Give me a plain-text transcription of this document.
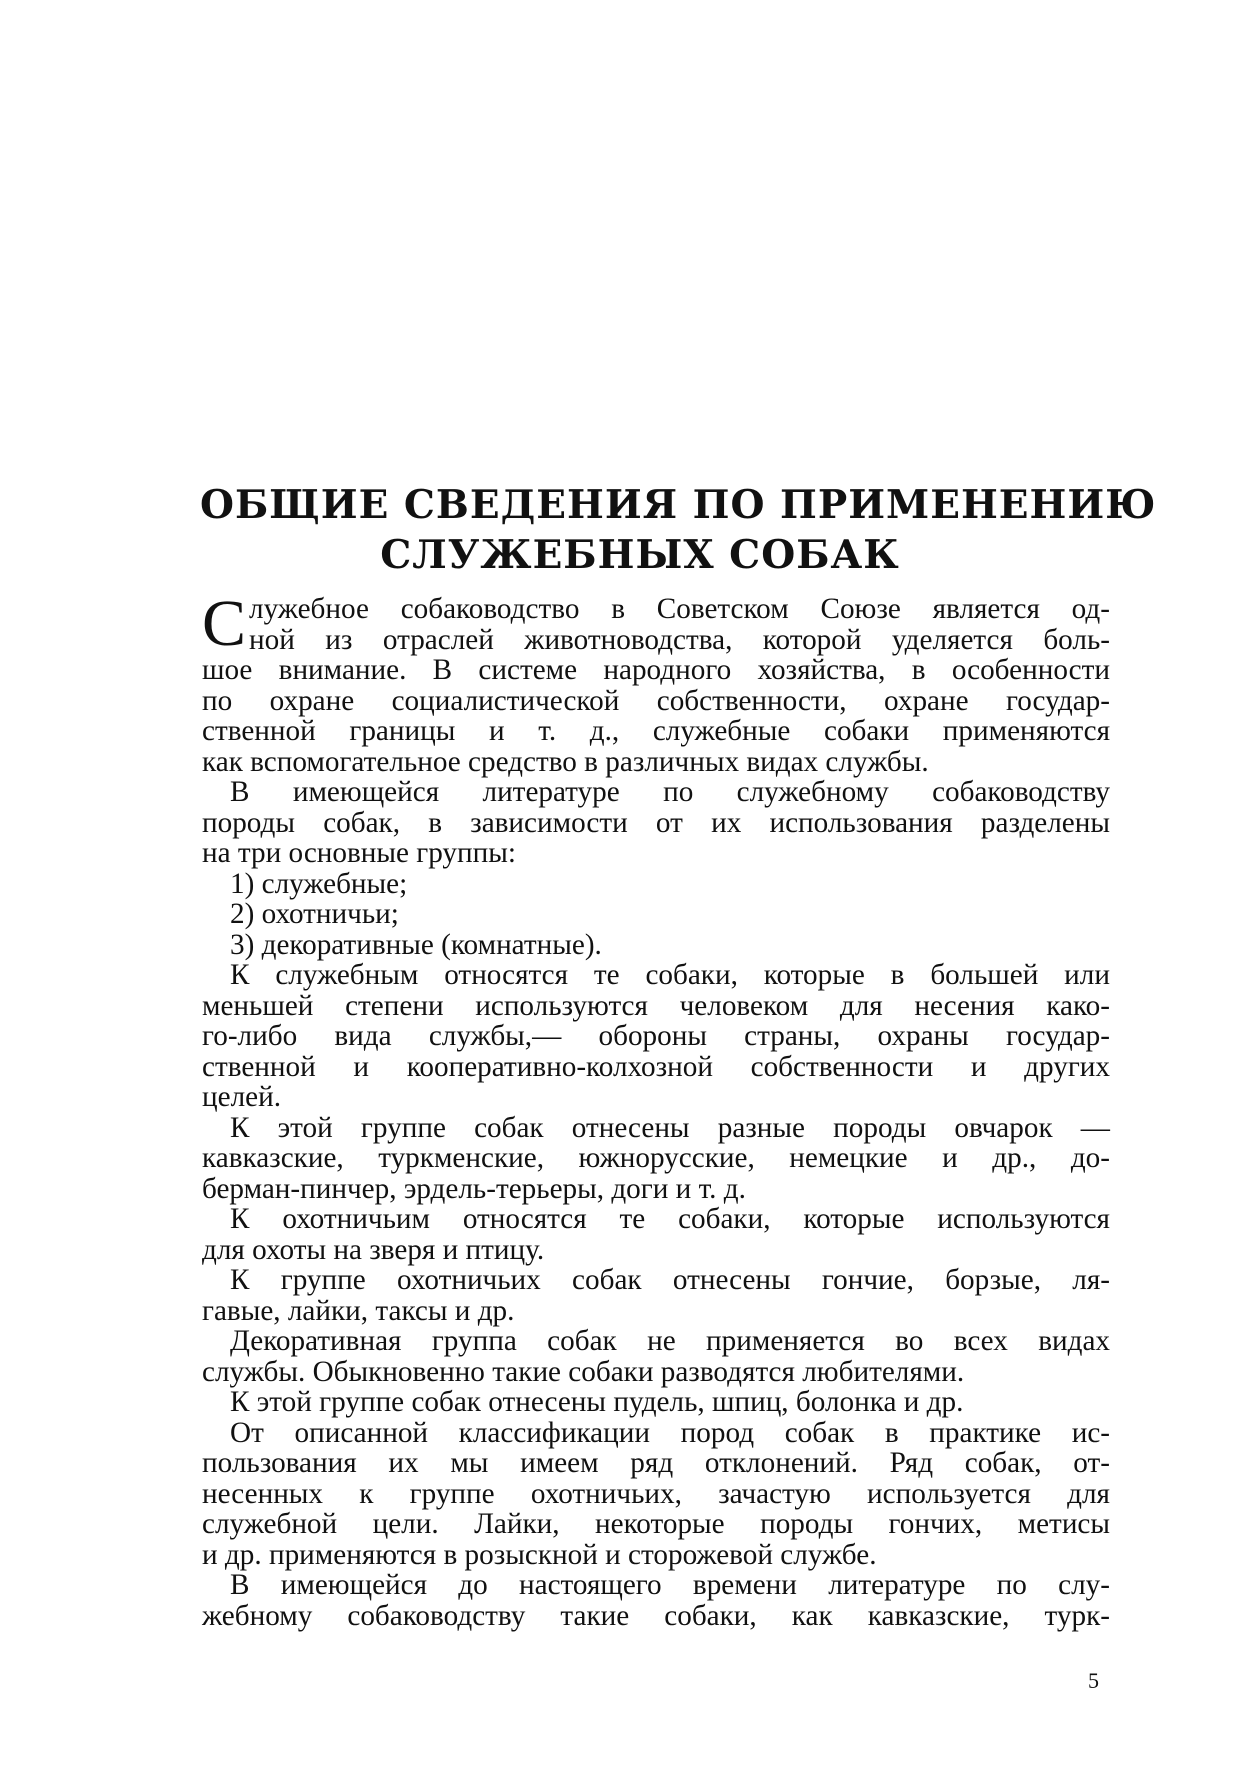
ОБЩИЕ СВЕДЕНИЯ ПО ПРИМЕНЕНИЮ
СЛУЖЕБНЫХ СОБАК
С лужебное собаководство в Советском Союзе является од-
ной из отраслей животноводства, которой уделяется боль-
шое внимание. В системе народного хозяйства, в особенности
по охране социалистической собственности, охране государ-
ственной границы и т. д., служебные собаки применяются
как вспомогательное средство в различных видах службы.
В имеющейся литературе по служебному собаководству
породы собак, в зависимости от их использования разделены
на три основные группы:
1) служебные;
2) охотничьи;
3) декоративные (комнатные).
К служебным относятся те собаки, которые в большей или
меньшей степени используются человеком для несения како-
го-либо вида службы,— обороны страны, охраны государ-
ственной и кооперативно-колхозной собственности и других
целей.
К этой группе собак отнесены разные породы овчарок —
кавказские, туркменские, южнорусские, немецкие и др., до-
берман-пинчер, эрдель-терьеры, доги и т. д.
К охотничьим относятся те собаки, которые используются
для охоты на зверя и птицу.
К группе охотничьих собак отнесены гончие, борзые, ля-
гавые, лайки, таксы и др.
Декоративная группа собак не применяется во всех видах
службы. Обыкновенно такие собаки разводятся любителями.
К этой группе собак отнесены пудель, шпиц, болонка и др.
От описанной классификации пород собак в практике ис-
пользования их мы имеем ряд отклонений. Ряд собак, от-
несенных к группе охотничьих, зачастую используется для
служебной цели. Лайки, некоторые породы гончих, метисы
и др. применяются в розыскной и сторожевой службе.
В имеющейся до настоящего времени литературе по слу-
жебному собаководству такие собаки, как кавказские, турк-
5
